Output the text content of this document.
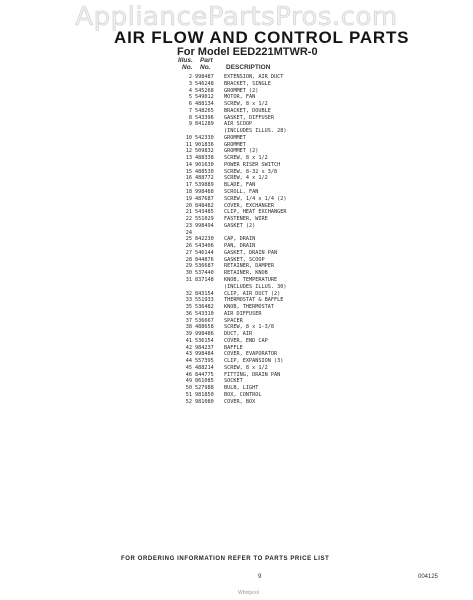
AppliancePartsPros.com
AIR FLOW AND CONTROL PARTS
For Model EED221MTWR-0
Illus.
No.
Part
No. DESCRIPTION
2 998487	EXTENSION, AIR DUCT
3 546248	BRACKET, SINGLE
4 545268	GROMMET (2)
5 549012	MOTOR, FAN
6 488134	SCREW, 8 x 1/2
7 548265	BRACKET, DOUBLE
8 543396	GASKET, DIFFUSER
9 841289	AIR SCOOP
(INCLUDES ILLUS. 28)
10 542330	GROMMET
11 901836	GROMMET
12 509832	GROMMET (2)
13 488338	SCREW, 8 x 1/2
14 901630	POWER RISER SWITCH
15 488530	SCREW, 8-32 x 3/8
16 488772	SCREW, 4 x 1/2
17 539889	BLADE, FAN
18 998488	SCROLL, FAN
19 487687	SCREW, 1/4 x 1/4 (2)
20 848482	COVER, EXCHANGER
21 543485	CLIP, HEAT EXCHANGER
22 551029	FASTENER, WIRE
23 998494	GASKET (2)
24
25 842230	CAP, DRAIN
26 543406	PAN, DRAIN
27 546144	GASKET, DRAIN PAN
28 844876	GASKET, SCOOP
29 536687	RETAINER, DAMPER
30 537440	RETAINER, KNOB
31 837148	KNOB, TEMPERATURE
(INCLUDES ILLUS. 30)
32 843154	CLIP, AIR DUCT (2)
33 551933	THERMOSTAT & BAFFLE
35 536482	KNOB, THERMOSTAT
36 543310	AIR DIFFUSER
37 536667	SPACER
38 488658	SCREW, 8 x 1-3/8
39 998486	DUCT, AIR
41 536154	COVER, END CAP
42 984237	BAFFLE
43 998484	COVER, EVAPORATOR
44 557395	CLIP, EXPANSION (3)
45 488214	SCREW, 8 x 1/2
46 844775	FITTING, DRAIN PAN
49 861085	SOCKET
50 527988	BULB, LIGHT
51 981850	BOX, CONTROL
52 981080	COVER, BOX
FOR ORDERING INFORMATION REFER TO PARTS PRICE LIST
9	004125
Whirlpool
